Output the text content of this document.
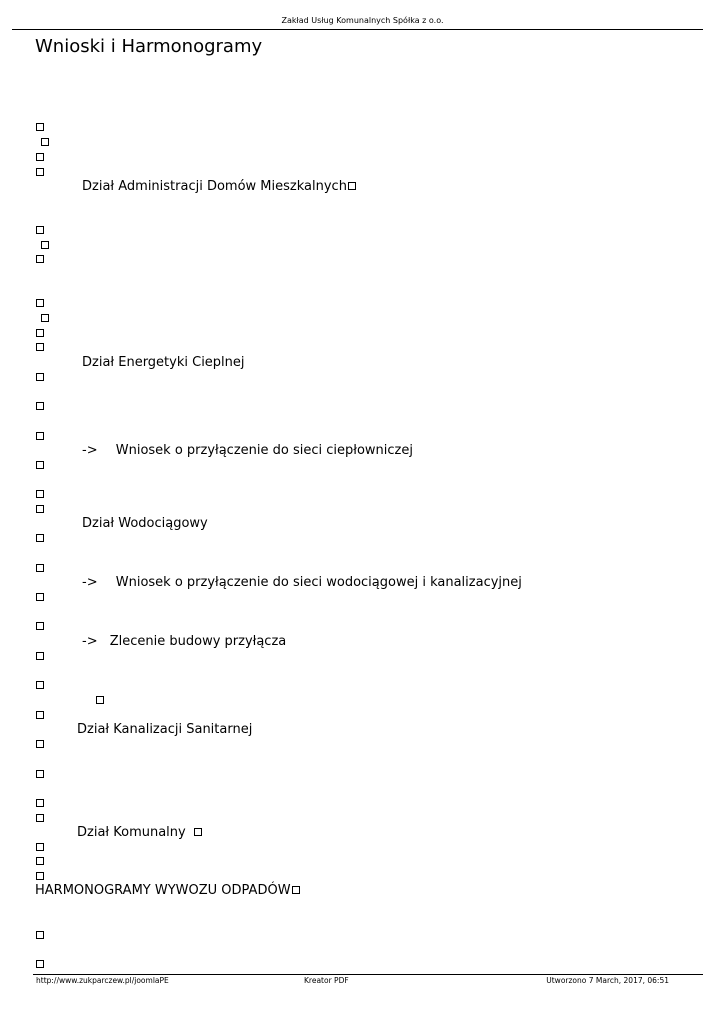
Zakład Usług Komunalnych Spółka z o.o.
Wnioski i Harmonogramy
Dział Administracji Domów Mieszkalnych
Dział Energetyki Cieplnej
-> Wniosek o przyłączenie do sieci ciepłowniczej
Dział Wodociągowy
-> Wniosek o przyłączenie do sieci wodociągowej i kanalizacyjnej
-> Zlecenie budowy przyłącza
Dział Kanalizacji Sanitarnej
Dział Komunalny
HARMONOGRAMY WYWOZU ODPADÓW
http://www.zukparczew.pl/joomlaPE	Kreator PDF	Utworzono 7 March, 2017, 06:51
